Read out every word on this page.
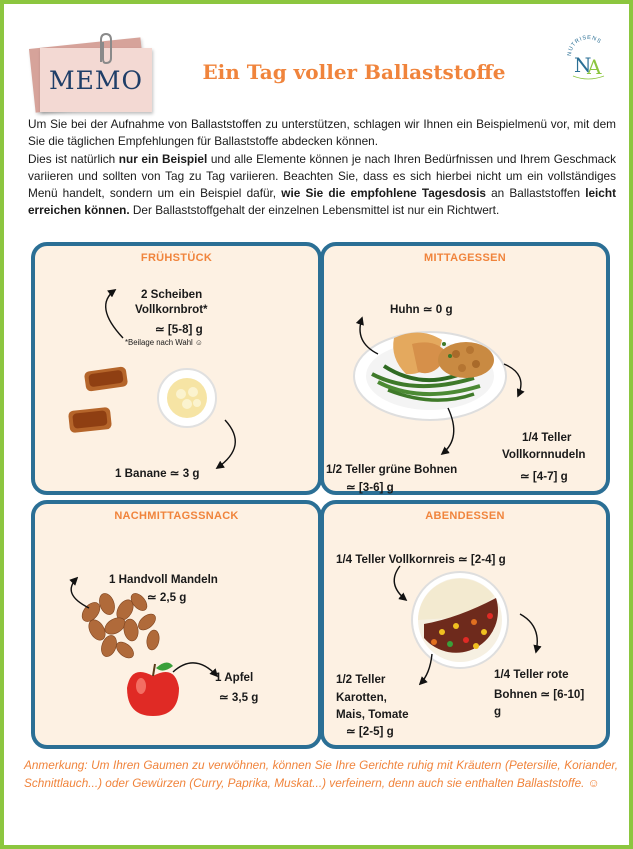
MEMO	Ein Tag voller Ballaststoffe
NUTRISENS
N
A
Um Sie bei der Aufnahme von Ballaststoffen zu unterstützen, schlagen wir Ihnen ein Beispielmenü vor, mit dem Sie die täglichen Empfehlungen für Ballaststoffe abdecken können.
Dies ist natürlich nur ein Beispiel und alle Elemente können je nach Ihren Bedürfnissen und Ihrem Geschmack variieren und sollten von Tag zu Tag variieren. Beachten Sie, dass es sich hierbei nicht um ein vollständiges Menü handelt, sondern um ein Beispiel dafür, wie Sie die empfohlene Tagesdosis an Ballaststoffen leicht erreichen können. Der Ballaststoffgehalt der einzelnen Lebensmittel ist nur ein Richtwert.
FRÜHSTÜCK
2 Scheiben
Vollkornbrot*
≃ [5-8] g
*Beilage nach Wahl ☺
1 Banane ≃ 3 g
MITTAGESSEN
Huhn ≃ 0 g
1/4 Teller
Vollkornnudeln
≃ [4-7] g
1/2 Teller grüne Bohnen
≃ [3-6] g
NACHMITTAGSSNACK
1 Handvoll Mandeln
≃ 2,5 g
1 Apfel
≃ 3,5 g
ABENDESSEN
1/4 Teller Vollkornreis ≃ [2-4] g
1/2 Teller
Karotten,
Mais, Tomate
≃ [2-5] g
1/4 Teller rote
Bohnen ≃ [6-10]
g

Anmerkung: Um Ihren Gaumen zu verwöhnen, können Sie Ihre Gerichte ruhig mit Kräutern (Petersilie, Koriander, Schnittlauch...) oder Gewürzen (Curry, Paprika, Muskat...) verfeinern, denn auch sie enthalten Ballaststoffe. ☺
